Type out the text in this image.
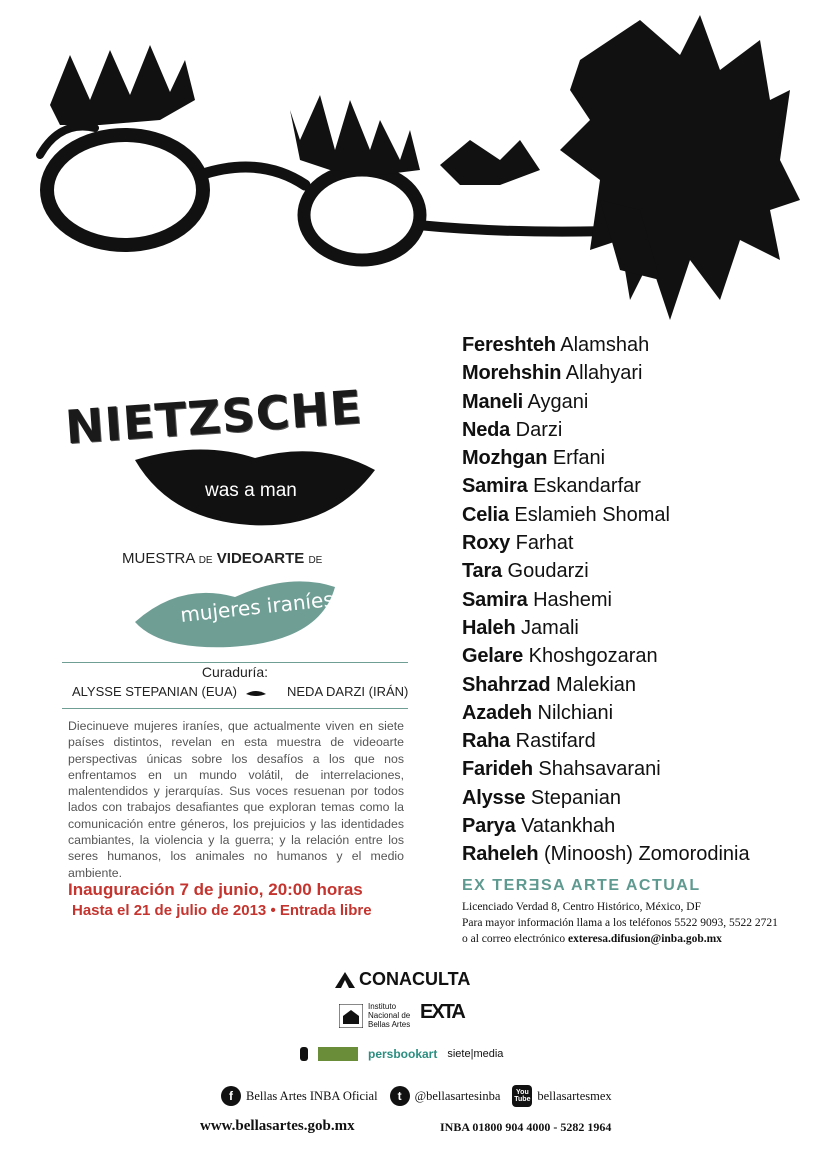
NIETZSCHE
was a man
MUESTRA DE VIDEOARTE DE
mujeres iraníes
Curaduría:
ALYSSE STEPANIAN (EUA)	NEDA DARZI (IRÁN)
Diecinueve mujeres iraníes, que actualmente viven en siete países distintos, revelan en esta muestra de videoarte perspectivas únicas sobre los desafíos a los que nos enfrentamos en un mundo volátil, de interrelaciones, malentendidos y jerarquías. Sus voces resuenan por todos lados con trabajos desafiantes que exploran temas como la comunicación entre géneros, los prejuicios y las identidades cambiantes, la violencia y la guerra; y la relación entre los seres humanos, los animales no humanos y el medio ambiente.
Inauguración 7 de junio, 20:00 horas
Hasta el 21 de julio de 2013 • Entrada libre
Fereshteh Alamshah
Morehshin Allahyari
Maneli Aygani
Neda Darzi
Mozhgan Erfani
Samira Eskandarfar
Celia Eslamieh Shomal
Roxy Farhat
Tara Goudarzi
Samira Hashemi
Haleh Jamali
Gelare Khoshgozaran
Shahrzad Malekian
Azadeh Nilchiani
Raha Rastifard
Farideh Shahsavarani
Alysse Stepanian
Parya Vatankhah
Raheleh (Minoosh) Zomorodinia
EX TERƎSA ARTE ACTUAL
Licenciado Verdad 8, Centro Histórico, México, DF
Para mayor información llama a los teléfonos 5522 9093, 5522 2721
o al correo electrónico exteresa.difusion@inba.gob.mx
CONACULTA
Instituto
Nacional de
Bellas Artes
EXTA
persbookart siete|media
f	Bellas Artes INBA Oficial	t	@bellasartesinba	You Tube bellasartesmex
www.bellasartes.gob.mx	INBA 01800 904 4000 - 5282 1964
